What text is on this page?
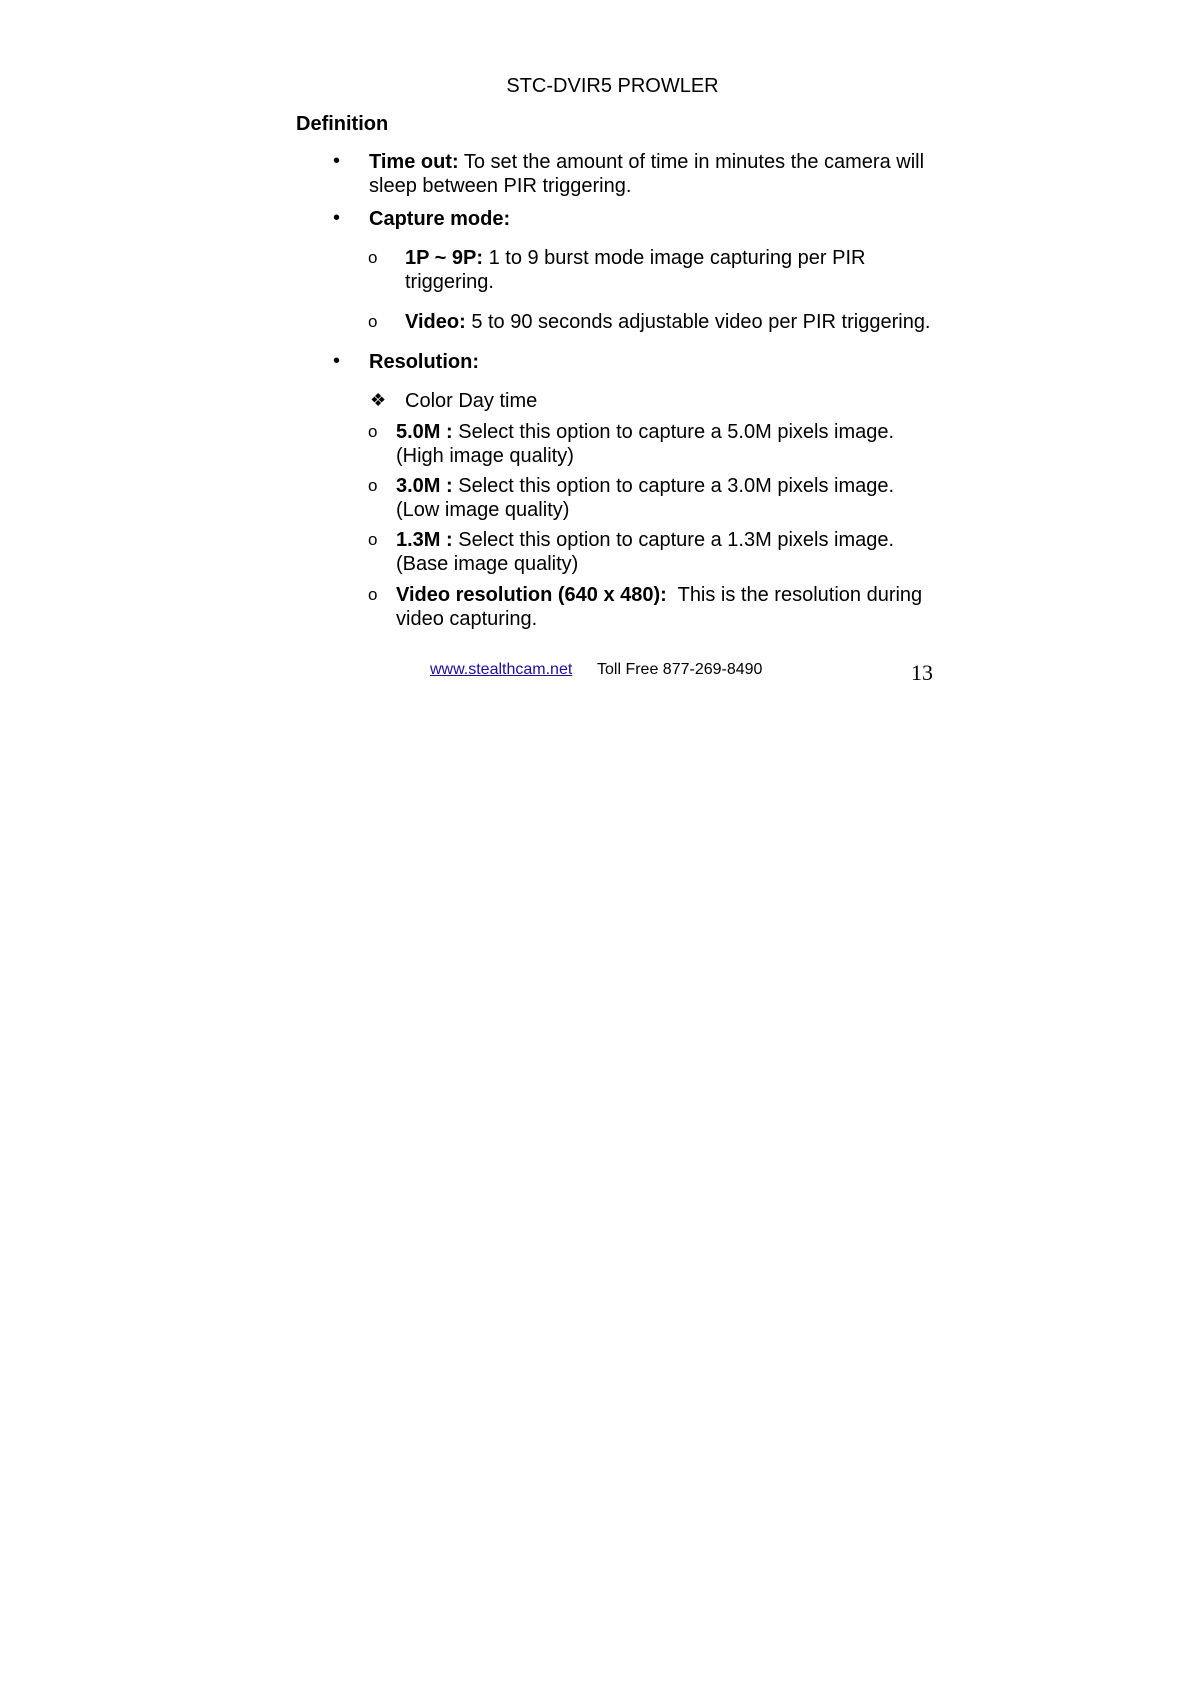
STC-DVIR5 PROWLER
Definition
• Time out: To set the amount of time in minutes the camera will
sleep between PIR triggering.
• Capture mode:
o 1P ~ 9P: 1 to 9 burst mode image capturing per PIR
triggering.
o Video: 5 to 90 seconds adjustable video per PIR triggering.
• Resolution:
❖ Color Day time
o 5.0M : Select this option to capture a 5.0M pixels image.
(High image quality)
o 3.0M : Select this option to capture a 3.0M pixels image.
(Low image quality)
o 1.3M : Select this option to capture a 1.3M pixels image.
(Base image quality)
o Video resolution (640 x 480):  This is the resolution during
video capturing.
www.stealthcam.net Toll Free 877-269-8490	13
